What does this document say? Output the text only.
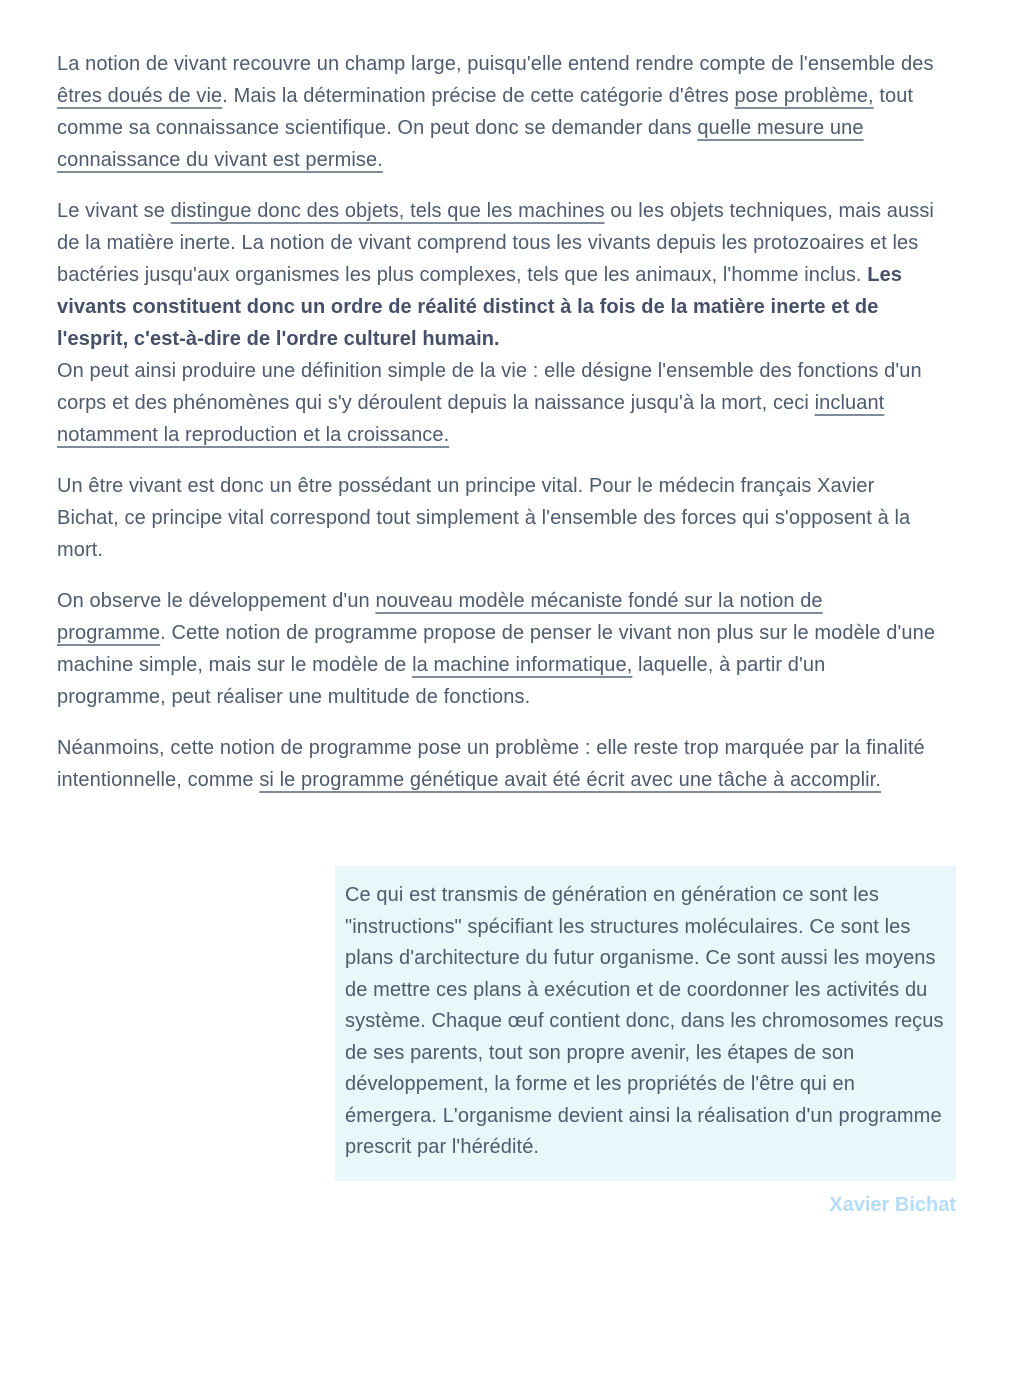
La notion de vivant recouvre un champ large, puisqu'elle entend rendre compte de l'ensemble des êtres doués de vie. Mais la détermination précise de cette catégorie d'êtres pose problème, tout comme sa connaissance scientifique. On peut donc se demander dans quelle mesure une connaissance du vivant est permise.

Le vivant se distingue donc des objets, tels que les machines ou les objets techniques, mais aussi de la matière inerte. La notion de vivant comprend tous les vivants depuis les protozoaires et les bactéries jusqu'aux organismes les plus complexes, tels que les animaux, l'homme inclus. Les vivants constituent donc un ordre de réalité distinct à la fois de la matière inerte et de l'esprit, c'est-à-dire de l'ordre culturel humain.

On peut ainsi produire une définition simple de la vie : elle désigne l'ensemble des fonctions d'un corps et des phénomènes qui s'y déroulent depuis la naissance jusqu'à la mort, ceci incluant notamment la reproduction et la croissance.

Un être vivant est donc un être possédant un principe vital. Pour le médecin français Xavier Bichat, ce principe vital correspond tout simplement à l'ensemble des forces qui s'opposent à la mort.

On observe le développement d'un nouveau modèle mécaniste fondé sur la notion de programme. Cette notion de programme propose de penser le vivant non plus sur le modèle d'une machine simple, mais sur le modèle de la machine informatique, laquelle, à partir d'un programme, peut réaliser une multitude de fonctions.

Néanmoins, cette notion de programme pose un problème : elle reste trop marquée par la finalité intentionnelle, comme si le programme génétique avait été écrit avec une tâche à accomplir.

Ce qui est transmis de génération en génération ce sont les "instructions" spécifiant les structures moléculaires. Ce sont les plans d'architecture du futur organisme. Ce sont aussi les moyens de mettre ces plans à exécution et de coordonner les activités du système. Chaque œuf contient donc, dans les chromosomes reçus de ses parents, tout son propre avenir, les étapes de son développement, la forme et les propriétés de l'être qui en émergera. L'organisme devient ainsi la réalisation d'un programme prescrit par l'hérédité.
Xavier Bichat
